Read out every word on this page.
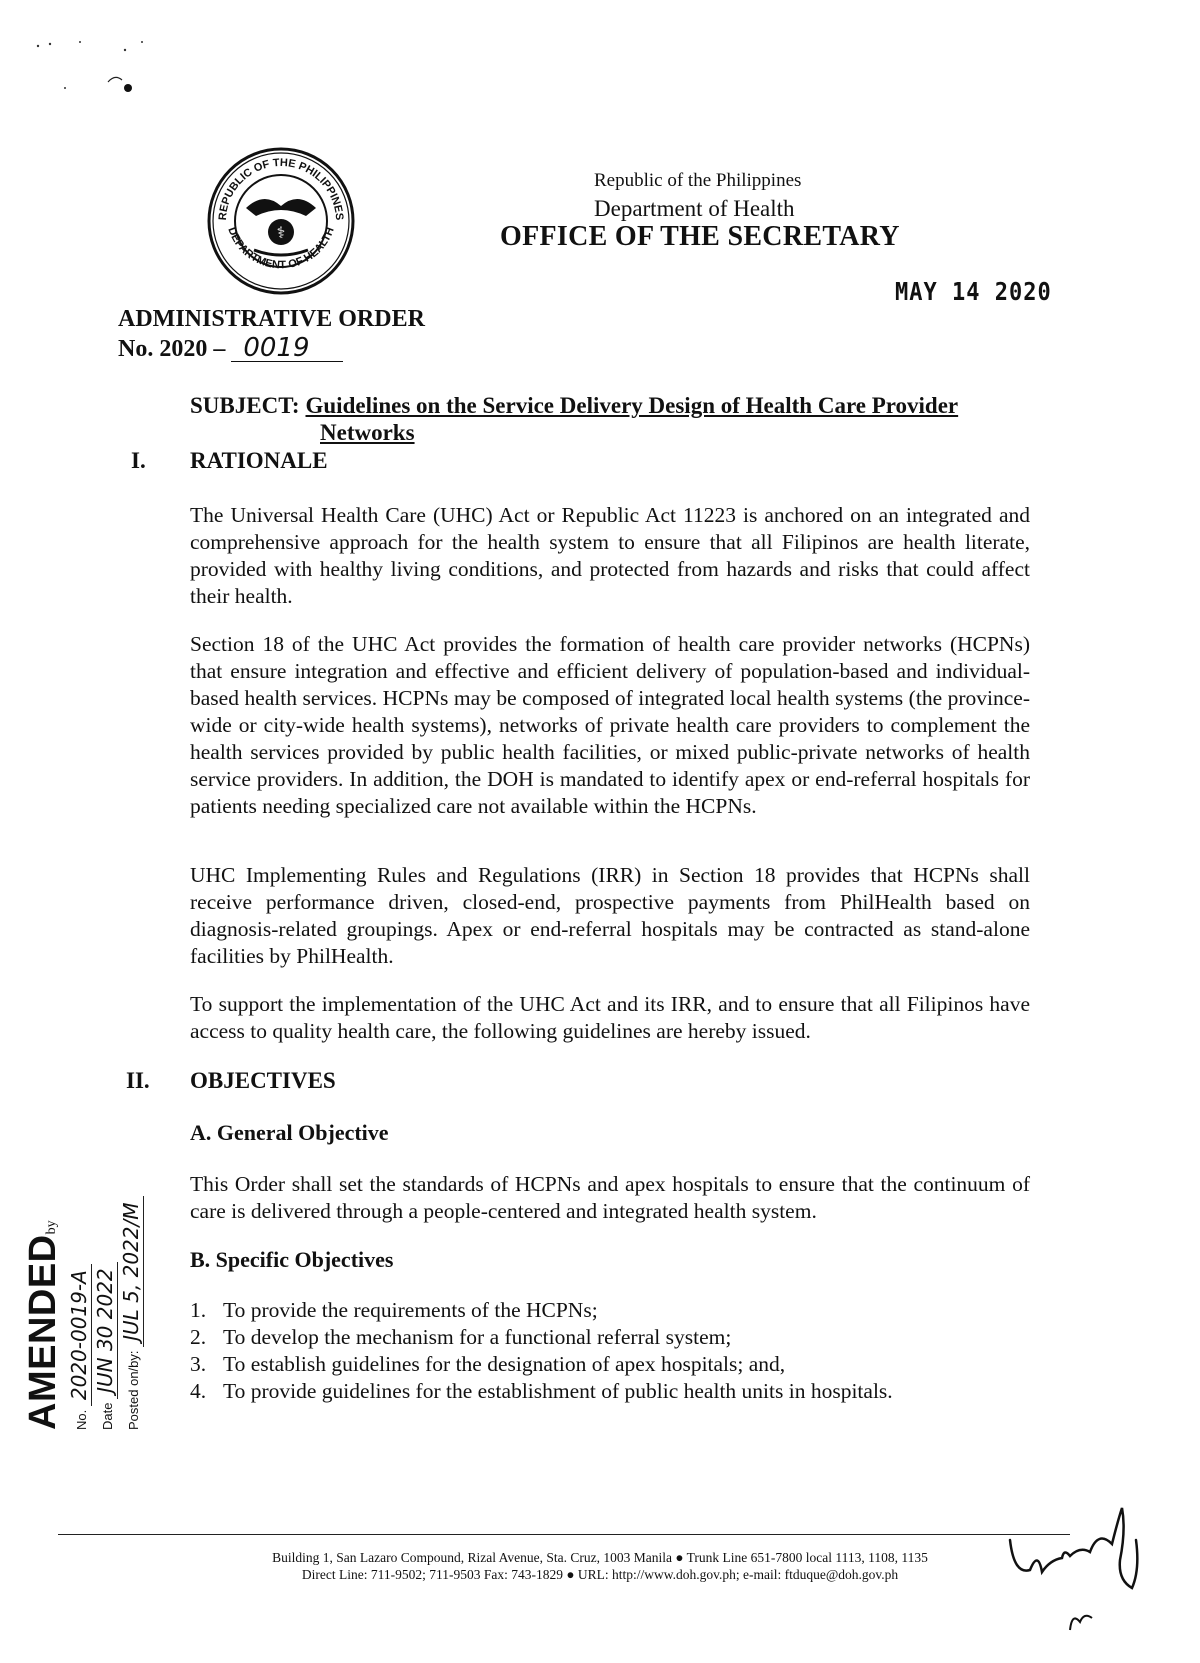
REPUBLIC OF THE PHILIPPINES
DEPARTMENT OF HEALTH
⚕
Republic of the Philippines
Department of Health
OFFICE OF THE SECRETARY
MAY 14 2020
ADMINISTRATIVE ORDER
No. 2020 – 0019
SUBJECT: Guidelines on the Service Delivery Design of Health Care Provider
Networks
I. RATIONALE
The Universal Health Care (UHC) Act or Republic Act 11223 is anchored on an integrated and comprehensive approach for the health system to ensure that all Filipinos are health literate, provided with healthy living conditions, and protected from hazards and risks that could affect their health.
Section 18 of the UHC Act provides the formation of health care provider networks (HCPNs) that ensure integration and effective and efficient delivery of population-based and individual-based health services. HCPNs may be composed of integrated local health systems (the province-wide or city-wide health systems), networks of private health care providers to complement the health services provided by public health facilities, or mixed public-private networks of health service providers. In addition, the DOH is mandated to identify apex or end-referral hospitals for patients needing specialized care not available within the HCPNs.
UHC Implementing Rules and Regulations (IRR) in Section 18 provides that HCPNs shall receive performance driven, closed-end, prospective payments from PhilHealth based on diagnosis-related groupings. Apex or end-referral hospitals may be contracted as stand-alone facilities by PhilHealth.
To support the implementation of the UHC Act and its IRR, and to ensure that all Filipinos have access to quality health care, the following guidelines are hereby issued.
II. OBJECTIVES
A. General Objective
This Order shall set the standards of HCPNs and apex hospitals to ensure that the continuum of care is delivered through a people-centered and integrated health system.
B. Specific Objectives
1. To provide the requirements of the HCPNs;
2. To develop the mechanism for a functional referral system;
3. To establish guidelines for the designation of apex hospitals; and,
4. To provide guidelines for the establishment of public health units in hospitals.
AMENDEDby
No. 2020-0019-A
Date JUN 30 2022 Posted on/by: JUL 5, 2022/M
Building 1, San Lazaro Compound, Rizal Avenue, Sta. Cruz, 1003 Manila ● Trunk Line 651-7800 local 1113, 1108, 1135
Direct Line: 711-9502; 711-9503 Fax: 743-1829 ● URL: http://www.doh.gov.ph; e-mail: ftduque@doh.gov.ph
